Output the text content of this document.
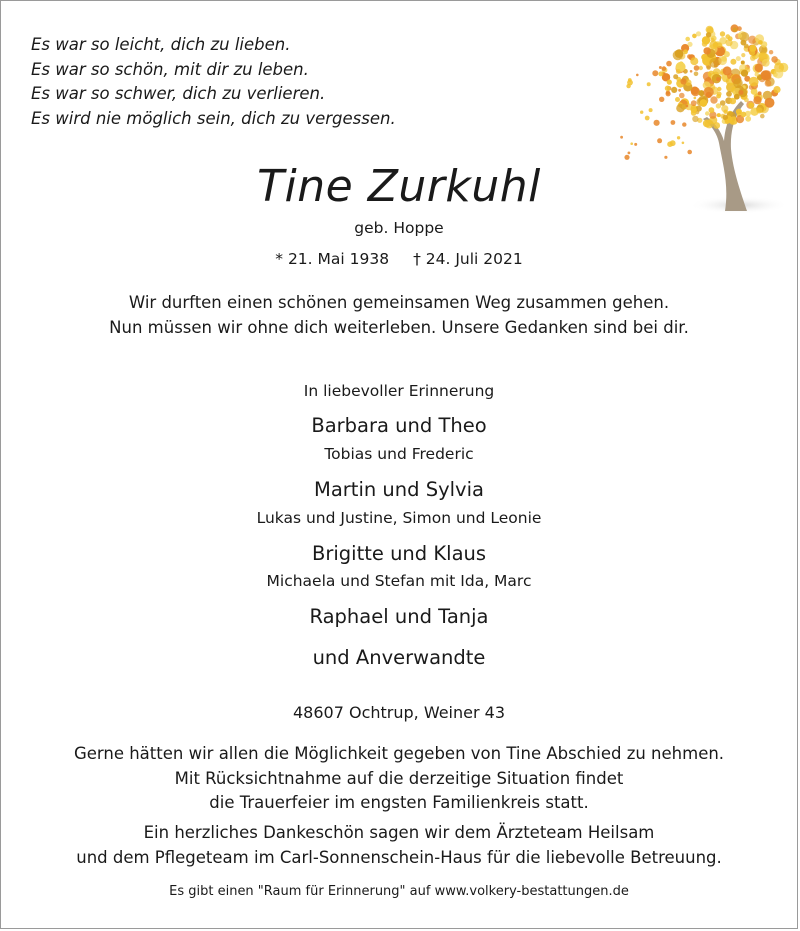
Es war so leicht, dich zu lieben.
Es war so schön, mit dir zu leben.
Es war so schwer, dich zu verlieren.
Es wird nie möglich sein, dich zu vergessen.
Tine Zurkuhl
geb. Hoppe
* 21. Mai 1938 † 24. Juli 2021
Wir durften einen schönen gemeinsamen Weg zusammen gehen.
Nun müssen wir ohne dich weiterleben. Unsere Gedanken sind bei dir.
In liebevoller Erinnerung
Barbara und Theo
Tobias und Frederic
Martin und Sylvia
Lukas und Justine, Simon und Leonie
Brigitte und Klaus
Michaela und Stefan mit Ida, Marc
Raphael und Tanja
und Anverwandte
48607 Ochtrup, Weiner 43
Gerne hätten wir allen die Möglichkeit gegeben von Tine Abschied zu nehmen.
Mit Rücksichtnahme auf die derzeitige Situation findet
die Trauerfeier im engsten Familienkreis statt.
Ein herzliches Dankeschön sagen wir dem Ärzteteam Heilsam
und dem Pflegeteam im Carl-Sonnenschein-Haus für die liebevolle Betreuung.
Es gibt einen "Raum für Erinnerung" auf www.volkery-bestattungen.de
